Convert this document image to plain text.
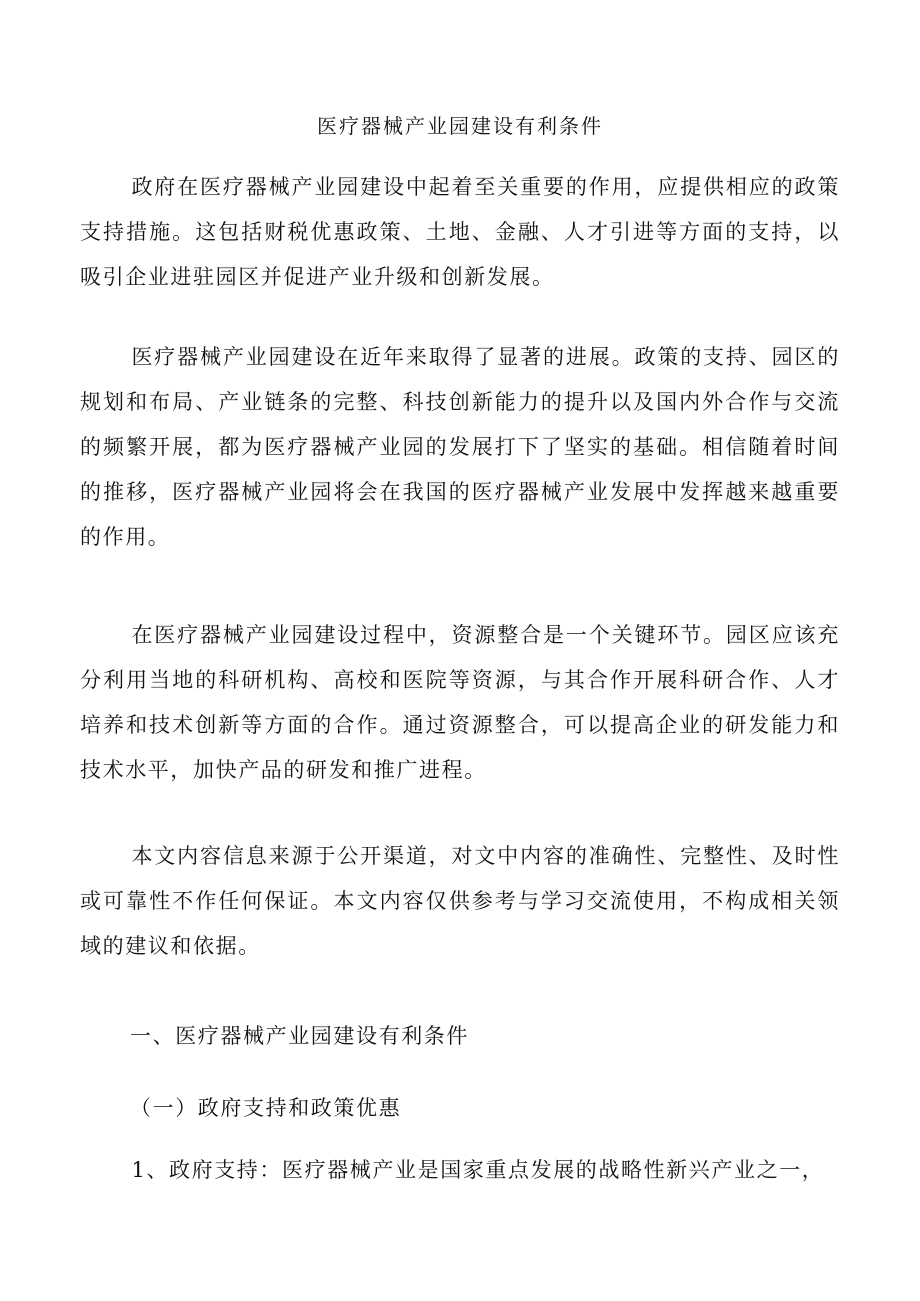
医疗器械产业园建设有利条件

政府在医疗器械产业园建设中起着至关重要的作用，应提供相应的政策支持措施。这包括财税优惠政策、土地、金融、人才引进等方面的支持，以吸引企业进驻园区并促进产业升级和创新发展。

医疗器械产业园建设在近年来取得了显著的进展。政策的支持、园区的规划和布局、产业链条的完整、科技创新能力的提升以及国内外合作与交流的频繁开展，都为医疗器械产业园的发展打下了坚实的基础。相信随着时间的推移，医疗器械产业园将会在我国的医疗器械产业发展中发挥越来越重要的作用。

在医疗器械产业园建设过程中，资源整合是一个关键环节。园区应该充分利用当地的科研机构、高校和医院等资源，与其合作开展科研合作、人才培养和技术创新等方面的合作。通过资源整合，可以提高企业的研发能力和技术水平，加快产品的研发和推广进程。

本文内容信息来源于公开渠道，对文中内容的准确性、完整性、及时性或可靠性不作任何保证。本文内容仅供参考与学习交流使用，不构成相关领域的建议和依据。

一、医疗器械产业园建设有利条件
（一）政府支持和政策优惠

1、政府支持：医疗器械产业是国家重点发展的战略性新兴产业之一，
